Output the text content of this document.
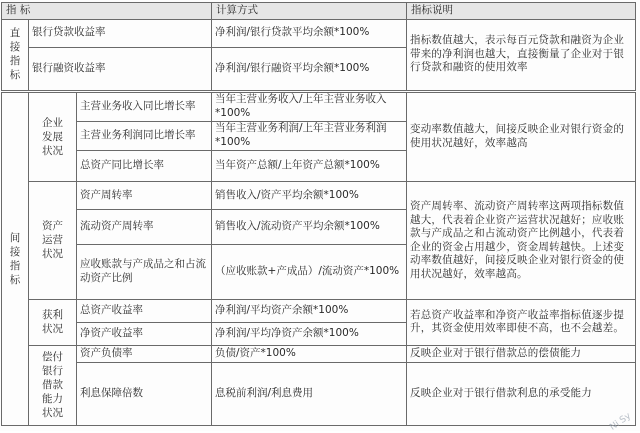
指 标			计算方式	指标说明
直接指标	银行贷款收益率		净利润/银行贷款平均余额*100%	指标数值越大，表示每百元贷款和融资为企业带来的净利润也越大，直接衡量了企业对于银行贷款和融资的使用效率
	银行融资收益率		净利润/银行融资平均余额*100%	
间接指标	企业发展状况	主营业务收入同比增长率	当年主营业务收入/上年主营业务收入*100%	变动率数值越大，间接反映企业对银行资金的使用状况越好，效率越高
		主营业务利润同比增长率	当年主营业务利润/上年主营业务利润*100%	
		总资产同比增长率	当年资产总额/上年资产总额*100%	
	资产运营状况	资产周转率	销售收入/资产平均余额*100%	资产周转率、流动资产周转率这两项指标数值越大，代表着企业资产运营状况越好；应收账款与产成品之和占流动资产比例越小，代表着企业的资金占用越少，资金周转越快。上述变动率数值越好，间接反映企业对银行资金的使用状况越好，效率越高。
		流动资产周转率	销售收入/流动资产平均余额*100%	
		应收账款与产成品之和占流动资产比例	（应收账款+产成品）/流动资产*100%	
	获利状况	总资产收益率	净利润/平均资产余额*100%	若总资产收益率和净资产收益率指标值逐步提升，其资金使用效率即使不高，也不会越差。
		净资产收益率	净利润/平均净资产余额*100%	
	偿付银行借款能力状况	资产负债率	负债/资产*100%	反映企业对于银行借款总的偿债能力
		利息保障倍数	息税前利润/利息费用	反映企业对于银行借款利息的承受能力
Ni Sy
